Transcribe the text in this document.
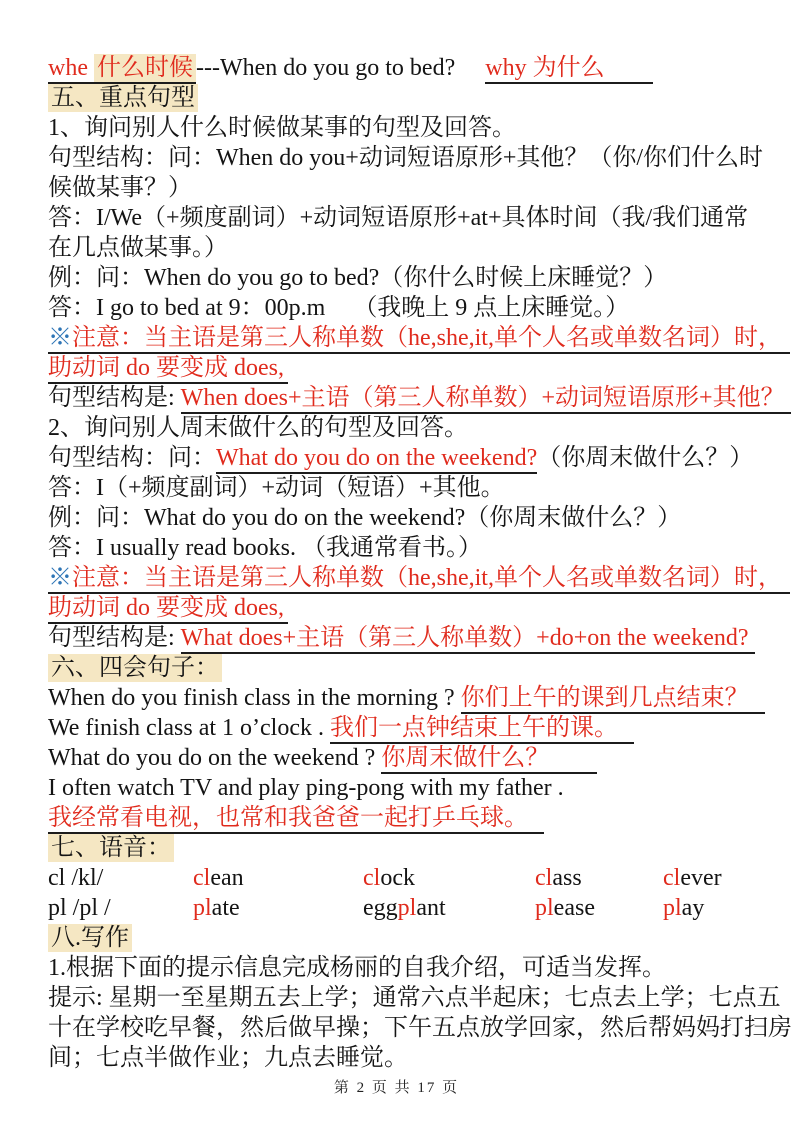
whe 什么时候 ---When do you go to bed? why 为什么
五、重点句型
1、询问别人什么时候做某事的句型及回答。
句型结构：问：When do you+动词短语原形+其他？（你/你们什么时
候做某事？）
答：I/We（+频度副词）+动词短语原形+at+具体时间（我/我们通常
在几点做某事。）
例：问：When do you go to bed?（你什么时候上床睡觉？）
答：I go to bed at 9：00p.m （我晚上 9 点上床睡觉。）
※注意：当主语是第三人称单数（he,she,it,单个人名或单数名词）时，
助动词 do 要变成 does,
句型结构是: When does+主语（第三人称单数）+动词短语原形+其他？
2、询问别人周末做什么的句型及回答。
句型结构：问：What do you do on the weekend?（你周末做什么？）
答：I（+频度副词）+动词（短语）+其他。
例：问：What do you do on the weekend?（你周末做什么？）
答：I usually read books. （我通常看书。）
※注意：当主语是第三人称单数（he,she,it,单个人名或单数名词）时，
助动词 do 要变成 does,
句型结构是: What does+主语（第三人称单数）+do+on the weekend?
六、四会句子：
When do you finish class in the morning ? 你们上午的课到几点结束？
We finish class at 1 o’clock . 我们一点钟结束上午的课。
What do you do on the weekend ? 你周末做什么？
I often watch TV and play ping-pong with my father .
我经常看电视，也常和我爸爸一起打乒乓球。
七、语音：
cl /kl/	clean	clock	class	clever
pl /pl /	plate	eggplant	please	play
八.写作
1.根据下面的提示信息完成杨丽的自我介绍，可适当发挥。
提示: 星期一至星期五去上学；通常六点半起床；七点去上学；七点五
十在学校吃早餐，然后做早操；下午五点放学回家，然后帮妈妈打扫房
间；七点半做作业；九点去睡觉。
第 2 页 共 17 页
